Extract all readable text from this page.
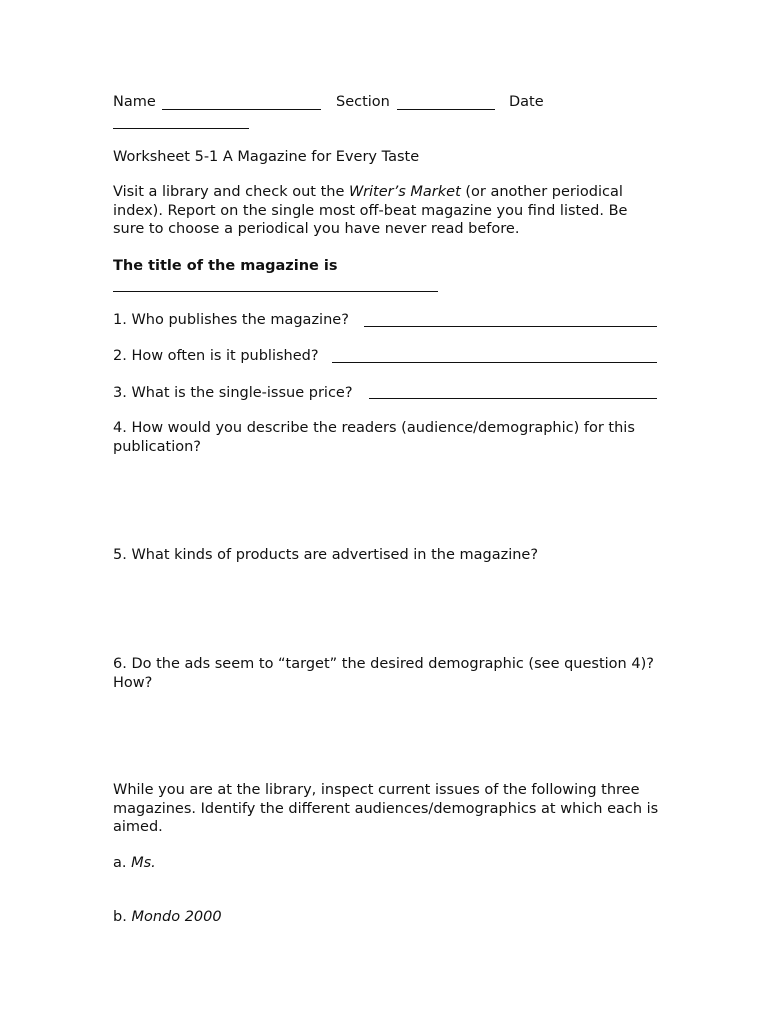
Name	Section	Date
Worksheet 5-1 A Magazine for Every Taste
Visit a library and check out the Writer’s Market (or another periodical index). Report on the single most off-beat magazine you find listed. Be sure to choose a periodical you have never read before.
The title of the magazine is
1. Who publishes the magazine?
2. How often is it published?
3. What is the single-issue price?
4. How would you describe the readers (audience/demographic) for this publication?
5. What kinds of products are advertised in the magazine?
6. Do the ads seem to “target” the desired demographic (see question 4)? How?
While you are at the library, inspect current issues of the following three magazines. Identify the different audiences/demographics at which each is aimed.
a. Ms.
b. Mondo 2000
